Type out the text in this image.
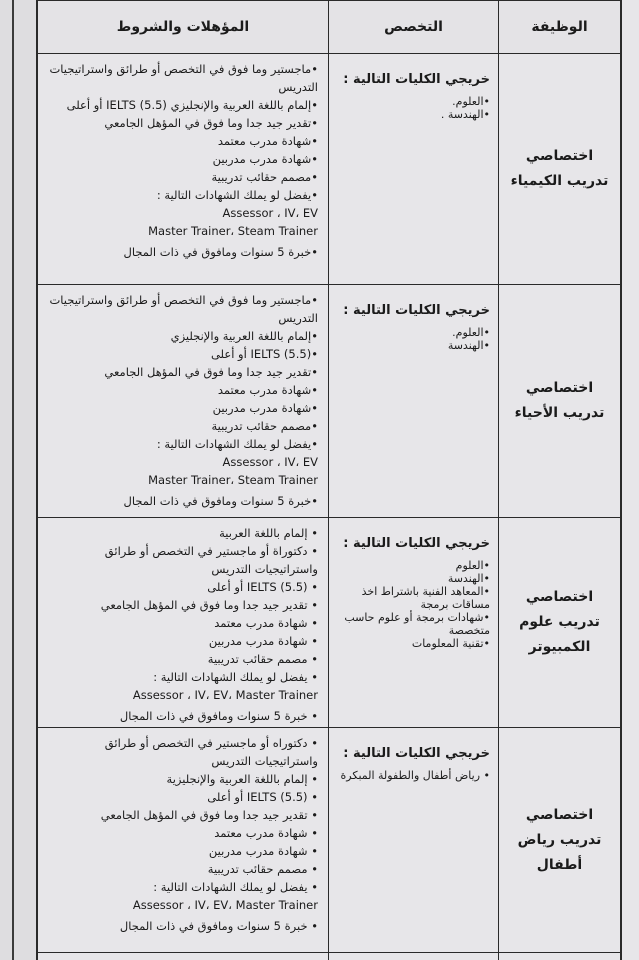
الوظيفة
التخصص
المؤهلات والشروط
اختصاصي تدريب الكيمياء
خريجي الكليات التالية :
•العلوم.
•الهندسة .
•ماجستير وما فوق في التخصص أو طرائق واستراتيجيات التدريس
•إلمام باللغة العربية والإنجليزي (5.5) IELTS أو أعلى
•تقدير جيد جدا وما فوق في المؤهل الجامعي
•شهادة مدرب معتمد
•شهادة مدرب مدربين
•مصمم حقائب تدريبية
•يفضل لو يملك الشهادات التالية :
Assessor ، IV، EV
Master Trainer، Steam Trainer
•خبرة 5 سنوات ومافوق في ذات المجال
اختصاصي تدريب الأحياء
خريجي الكليات التالية :
•العلوم.
•الهندسة
•ماجستير وما فوق في التخصص أو طرائق واستراتيجيات التدريس
•إلمام باللغة العربية والإنجليزي
•IELTS (5.5) أو أعلى
•تقدير جيد جدا وما فوق في المؤهل الجامعي
•شهادة مدرب معتمد
•شهادة مدرب مدربين
•مصمم حقائب تدريبية
•يفضل لو يملك الشهادات التالية :
Assessor ، IV، EV
Master Trainer، Steam Trainer
•خبرة 5 سنوات ومافوق في ذات المجال
اختصاصي تدريب علوم الكمبيوتر
خريجي الكليات التالية :
•العلوم
•الهندسة
•المعاهد الفنية باشتراط اخذ مساقات برمجة
•شهادات برمجة أو علوم حاسب متخصصة
•تقنية المعلومات
• إلمام باللغة العربية
• دكتوراة أو ماجستير في التخصص أو طرائق واستراتيجيات التدريس
• IELTS (5.5) أو أعلى
• تقدير جيد جدا وما فوق في المؤهل الجامعي
• شهادة مدرب معتمد
• شهادة مدرب مدربين
• مصمم حقائب تدريبية
• يفضل لو يملك الشهادات التالية :
Assessor ، IV، EV، Master Trainer
• خبرة 5 سنوات ومافوق في ذات المجال
اختصاصي تدريب رياض أطفال
خريجي الكليات التالية :
• رياض أطفال والطفولة المبكرة
• دكتوراه أو ماجستير في التخصص أو طرائق واستراتيجيات التدريس
• إلمام باللغة العربية والإنجليزية
• IELTS (5.5) أو أعلى
• تقدير جيد جدا وما فوق في المؤهل الجامعي
• شهادة مدرب معتمد
• شهادة مدرب مدربين
• مصمم حقائب تدريبية
• يفضل لو يملك الشهادات التالية :
Assessor ، IV، EV، Master Trainer
• خبرة 5 سنوات ومافوق في ذات المجال
